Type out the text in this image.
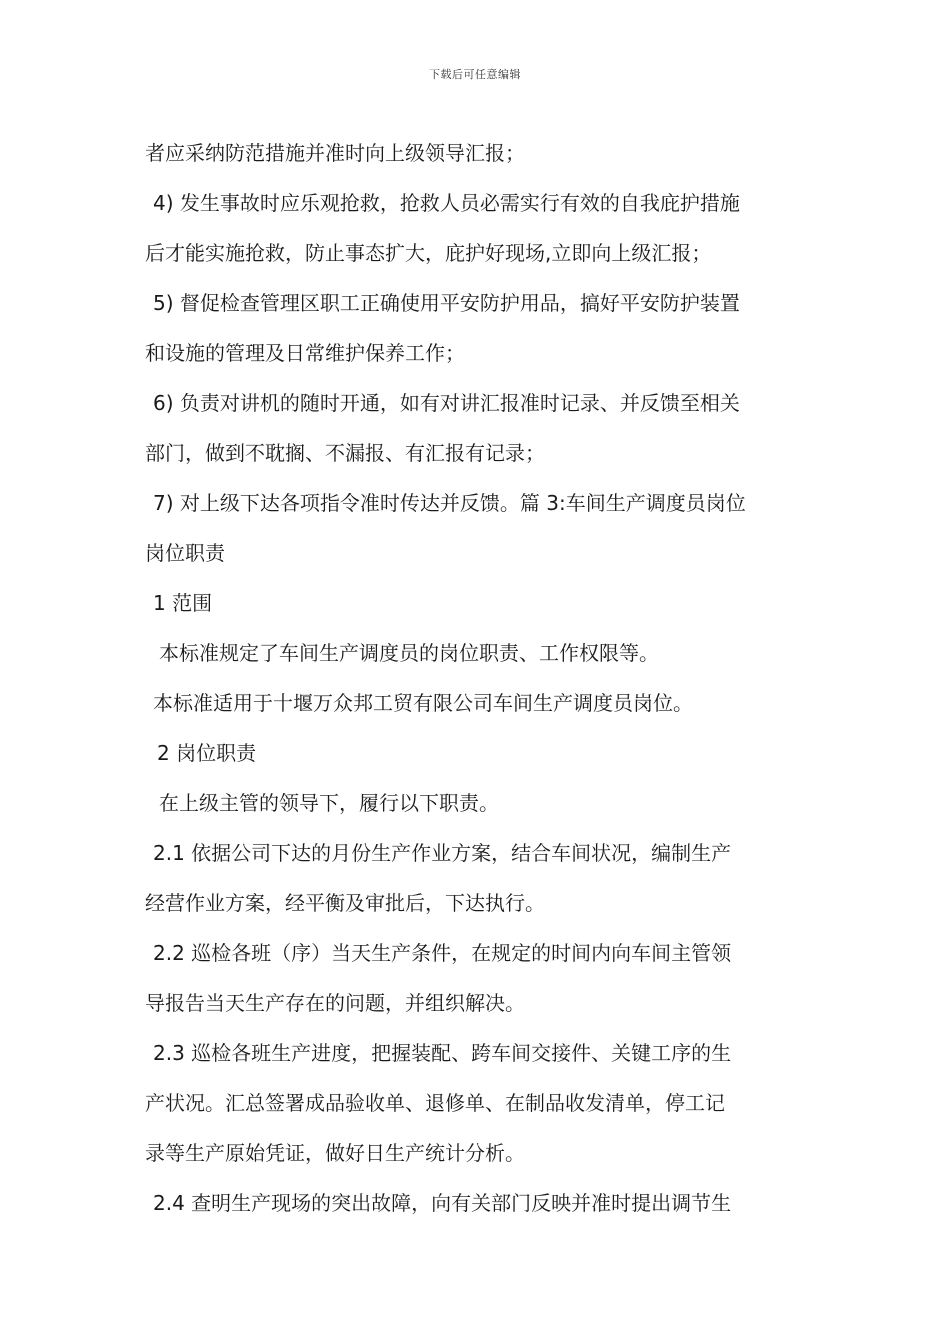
下载后可任意编辑
者应采纳防范措施并准时向上级领导汇报；
4) 发生事故时应乐观抢救，抢救人员必需实行有效的自我庇护措施
后才能实施抢救，防止事态扩大，庇护好现场,立即向上级汇报；
5) 督促检查管理区职工正确使用平安防护用品，搞好平安防护装置
和设施的管理及日常维护保养工作；
6) 负责对讲机的随时开通，如有对讲汇报准时记录、并反馈至相关
部门，做到不耽搁、不漏报、有汇报有记录；
7) 对上级下达各项指令准时传达并反馈。篇 3:车间生产调度员岗位
岗位职责
1 范围
本标准规定了车间生产调度员的岗位职责、工作权限等。
本标准适用于十堰万众邦工贸有限公司车间生产调度员岗位。
2 岗位职责
在上级主管的领导下，履行以下职责。
2.1 依据公司下达的月份生产作业方案，结合车间状况，编制生产
经营作业方案，经平衡及审批后，下达执行。
2.2 巡检各班（序）当天生产条件，在规定的时间内向车间主管领
导报告当天生产存在的问题，并组织解决。
2.3 巡检各班生产进度，把握装配、跨车间交接件、关键工序的生
产状况。汇总签署成品验收单、退修单、在制品收发清单，停工记
录等生产原始凭证，做好日生产统计分析。
2.4 查明生产现场的突出故障，向有关部门反映并准时提出调节生
